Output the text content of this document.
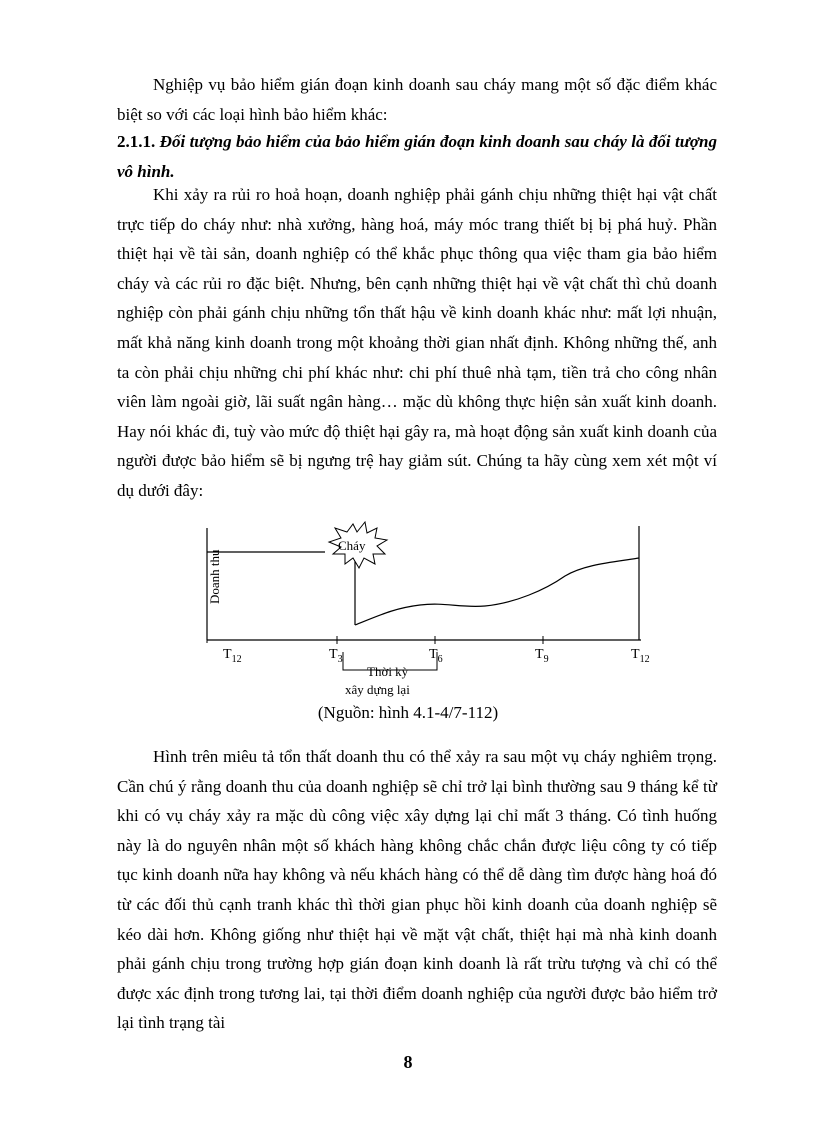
Nghiệp vụ bảo hiểm gián đoạn kinh doanh sau cháy mang một số đặc điểm khác biệt so với các loại hình bảo hiểm khác:

2.1.1. Đối tượng bảo hiểm của bảo hiểm gián đoạn kinh doanh sau cháy là đối tượng vô hình.

Khi xảy ra rủi ro hoả hoạn, doanh nghiệp phải gánh chịu những thiệt hại vật chất trực tiếp do cháy như: nhà xưởng, hàng hoá, máy móc trang thiết bị bị phá huỷ. Phần thiệt hại về tài sản, doanh nghiệp có thể khắc phục thông qua việc tham gia bảo hiểm cháy và các rủi ro đặc biệt. Nhưng, bên cạnh những thiệt hại về vật chất thì chủ doanh nghiệp còn phải gánh chịu những tổn thất hậu về kinh doanh khác như: mất lợi nhuận, mất khả năng kinh doanh trong một khoảng thời gian nhất định. Không những thế, anh ta còn phải chịu những chi phí khác như: chi phí thuê nhà tạm, tiền trả cho công nhân viên làm ngoài giờ, lãi suất ngân hàng… mặc dù không thực hiện sản xuất kinh doanh. Hay nói khác đi, tuỳ vào mức độ thiệt hại gây ra, mà hoạt động sản xuất kinh doanh của người được bảo hiểm sẽ bị ngưng trệ hay giảm sút. Chúng ta hãy cùng xem xét một ví dụ dưới đây:

Doanh thu
Cháy
$T_{12}$	$T_3$	$T_6$	$T_9$	$T_{12}$
Thời kỳ
xây dựng lại
(Nguồn: hình 4.1-4/7-112)

Hình trên miêu tả tổn thất doanh thu có thể xảy ra sau một vụ cháy nghiêm trọng. Cần chú ý rằng doanh thu của doanh nghiệp sẽ chỉ trở lại bình thường sau 9 tháng kể từ khi có vụ cháy xảy ra mặc dù công việc xây dựng lại chỉ mất 3 tháng. Có tình huống này là do nguyên nhân một số khách hàng không chắc chắn được liệu công ty có tiếp tục kinh doanh nữa hay không và nếu khách hàng có thể dễ dàng tìm được hàng hoá đó từ các đối thủ cạnh tranh khác thì thời gian phục hồi kinh doanh của doanh nghiệp sẽ kéo dài hơn. Không giống như thiệt hại về mặt vật chất, thiệt hại mà nhà kinh doanh phải gánh chịu trong trường hợp gián đoạn kinh doanh là rất trừu tượng và chỉ có thể được xác định trong tương lai, tại thời điểm doanh nghiệp của người được bảo hiểm trở lại tình trạng tài

8
